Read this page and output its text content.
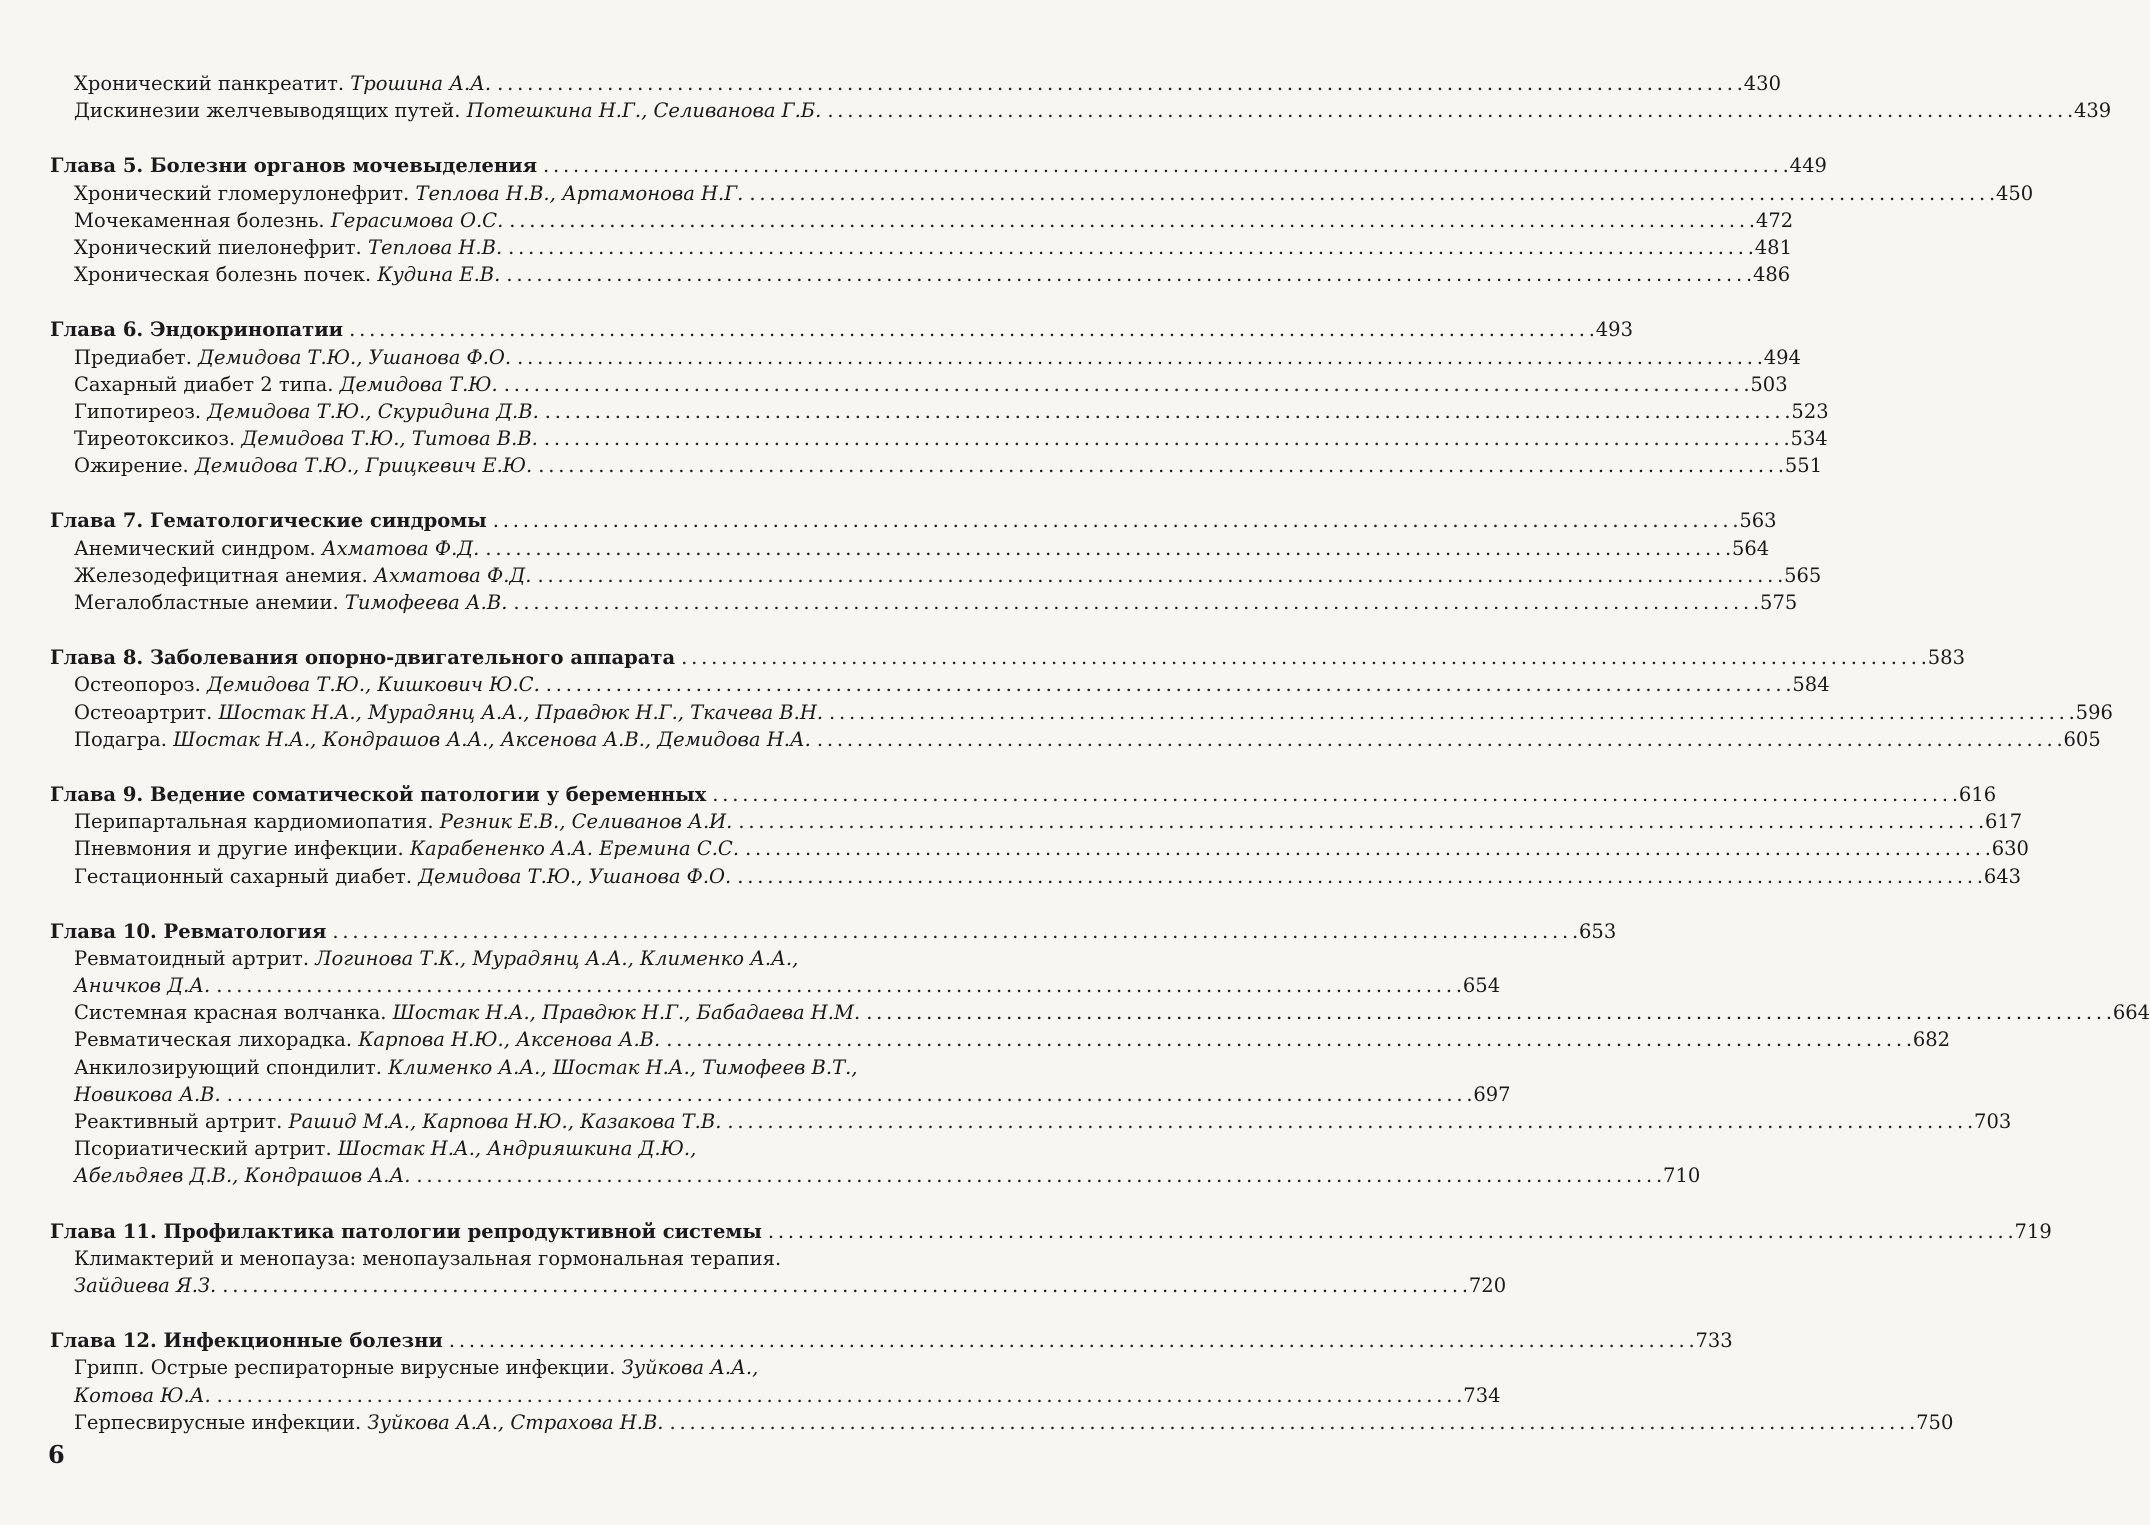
Хронический панкреатит. Трошина А.А. . . .	430
Дискинезии желчевыводящих путей. Потешкина Н.Г., Селиванова Г.Б. . . .	439
Глава 5. Болезни органов мочевыделения . . .	449
Хронический гломерулонефрит. Теплова Н.В., Артамонова Н.Г. . . .	450
Мочекаменная болезнь. Герасимова О.С. . . .	472
Хронический пиелонефрит. Теплова Н.В. . . .	481
Хроническая болезнь почек. Кудина Е.В. . . .	486
Глава 6. Эндокринопатии . . .	493
Предиабет. Демидова Т.Ю., Ушанова Ф.О. . . .	494
Сахарный диабет 2 типа. Демидова Т.Ю. . . .	503
Гипотиреоз. Демидова Т.Ю., Скуридина Д.В. . . .	523
Тиреотоксикоз. Демидова Т.Ю., Титова В.В. . . .	534
Ожирение. Демидова Т.Ю., Грицкевич Е.Ю. . . .	551
Глава 7. Гематологические синдромы . . .	563
Анемический синдром. Ахматова Ф.Д. . . .	564
Железодефицитная анемия. Ахматова Ф.Д. . . .	565
Мегалобластные анемии. Тимофеева А.В. . . .	575
Глава 8. Заболевания опорно-двигательного аппарата . . .	583
Остеопороз. Демидова Т.Ю., Кишкович Ю.С. . . .	584
Остеоартрит. Шостак Н.А., Мурадянц А.А., Правдюк Н.Г., Ткачева В.Н. . . .	596
Подагра. Шостак Н.А., Кондрашов А.А., Аксенова А.В., Демидова Н.А. . . .	605
Глава 9. Ведение соматической патологии у беременных . . .	616
Перипартальная кардиомиопатия. Резник Е.В., Селиванов А.И. . . .	617
Пневмония и другие инфекции. Карабененко А.А. Еремина С.С. . . .	630
Гестационный сахарный диабет. Демидова Т.Ю., Ушанова Ф.О. . . .	643
Глава 10. Ревматология . . .	653
Ревматоидный артрит. Логинова Т.К., Мурадянц А.А., Клименко А.А.,
Аничков Д.А. . . .	654
Системная красная волчанка. Шостак Н.А., Правдюк Н.Г., Бабадаева Н.М. . . .	664
Ревматическая лихорадка. Карпова Н.Ю., Аксенова А.В. . . .	682
Анкилозирующий спондилит. Клименко А.А., Шостак Н.А., Тимофеев В.Т.,
Новикова А.В. . . .	697
Реактивный артрит. Рашид М.А., Карпова Н.Ю., Казакова Т.В. . . .	703
Псориатический артрит. Шостак Н.А., Андрияшкина Д.Ю.,
Абельдяев Д.В., Кондрашов А.А. . . .	710
Глава 11. Профилактика патологии репродуктивной системы . . .	719
Климактерий и менопауза: менопаузальная гормональная терапия.
Зайдиева Я.З. . . .	720
Глава 12. Инфекционные болезни . . .	733
Грипп. Острые респираторные вирусные инфекции. Зуйкова А.А.,
Котова Ю.А. . . .	734
Герпесвирусные инфекции. Зуйкова А.А., Страхова Н.В. . . .	750
6
